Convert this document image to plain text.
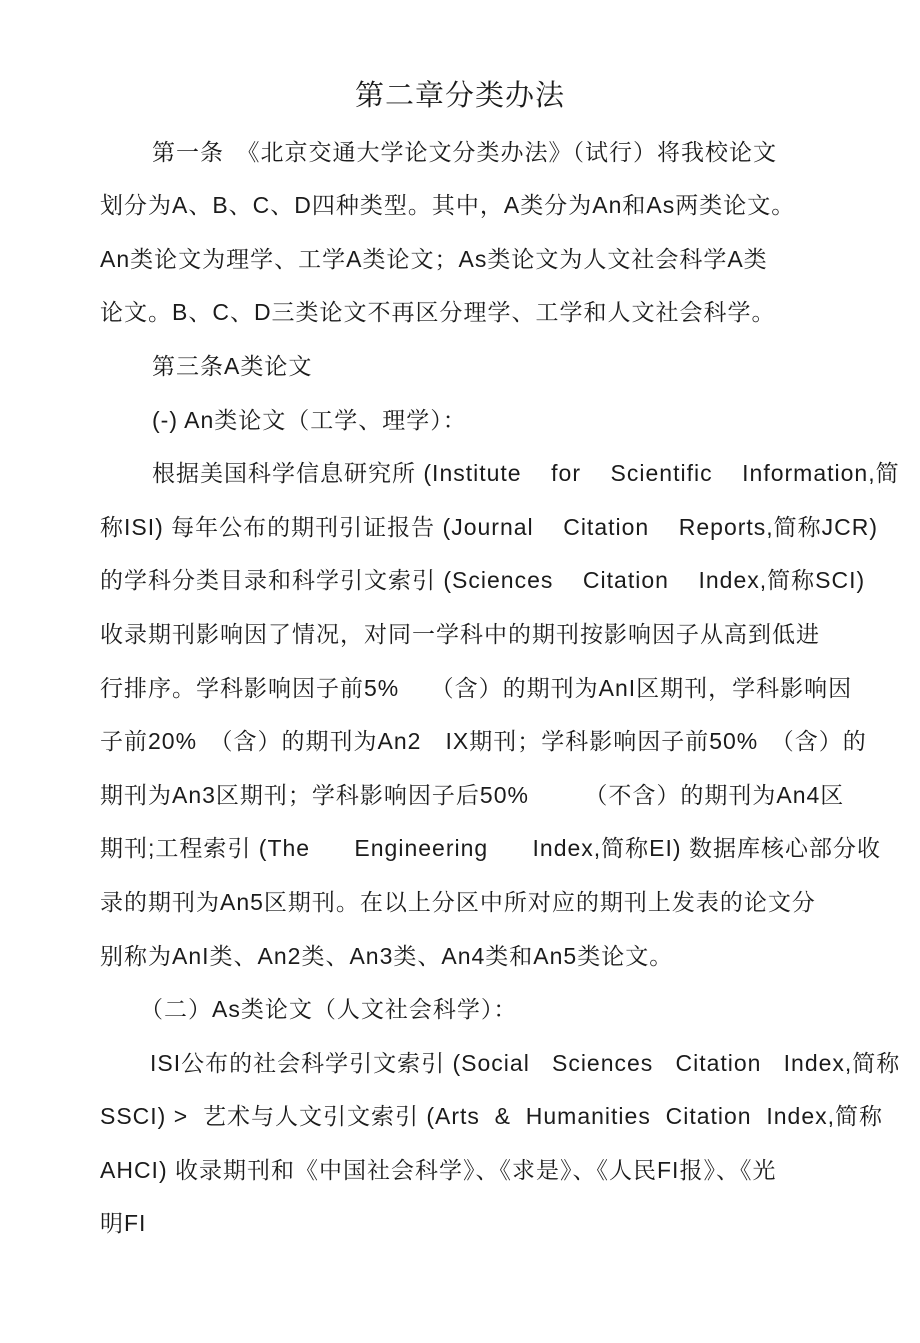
第二章分类办法
第一条　《北京交通大学论文分类办法》（试行）将我校论文
划分为A、B、C、D四种类型。其中，A类分为An和As两类论文。
An类论文为理学、工学A类论文；As类论文为人文社会科学A类
论文。B、C、D三类论文不再区分理学、工学和人文社会科学。
第三条A类论文
(-) An类论文（工学、理学）：
根据美国科学信息研究所 (Institute    for    Scientific    Information,简
称ISI) 每年公布的期刊引证报告 (Journal    Citation    Reports,简称JCR)
的学科分类目录和科学引文索引 (Sciences    Citation    Index,简称SCI)
收录期刊影响因了情况，对同一学科中的期刊按影响因子从高到低进
行排序。学科影响因子前5%　 （含）的期刊为AnI区期刊，学科影响因
子前20%　（含）的期刊为An2　IX期刊；学科影响因子前50%　（含）的
期刊为An3区期刊；学科影响因子后50%　　 （不含）的期刊为An4区
期刊;工程索引 (The      Engineering      Index,简称EI) 数据库核心部分收
录的期刊为An5区期刊。在以上分区中所对应的期刊上发表的论文分
别称为AnI类、An2类、An3类、An4类和An5类论文。
（二）As类论文（人文社会科学）：
ISI公布的社会科学引文索引 (Social   Sciences   Citation   Index,简称
SSCI) >  艺术与人文引文索引 (Arts  &  Humanities  Citation  Index,简称
AHCI) 收录期刊和《中国社会科学》、《求是》、《人民FI报》、《光
明FI
